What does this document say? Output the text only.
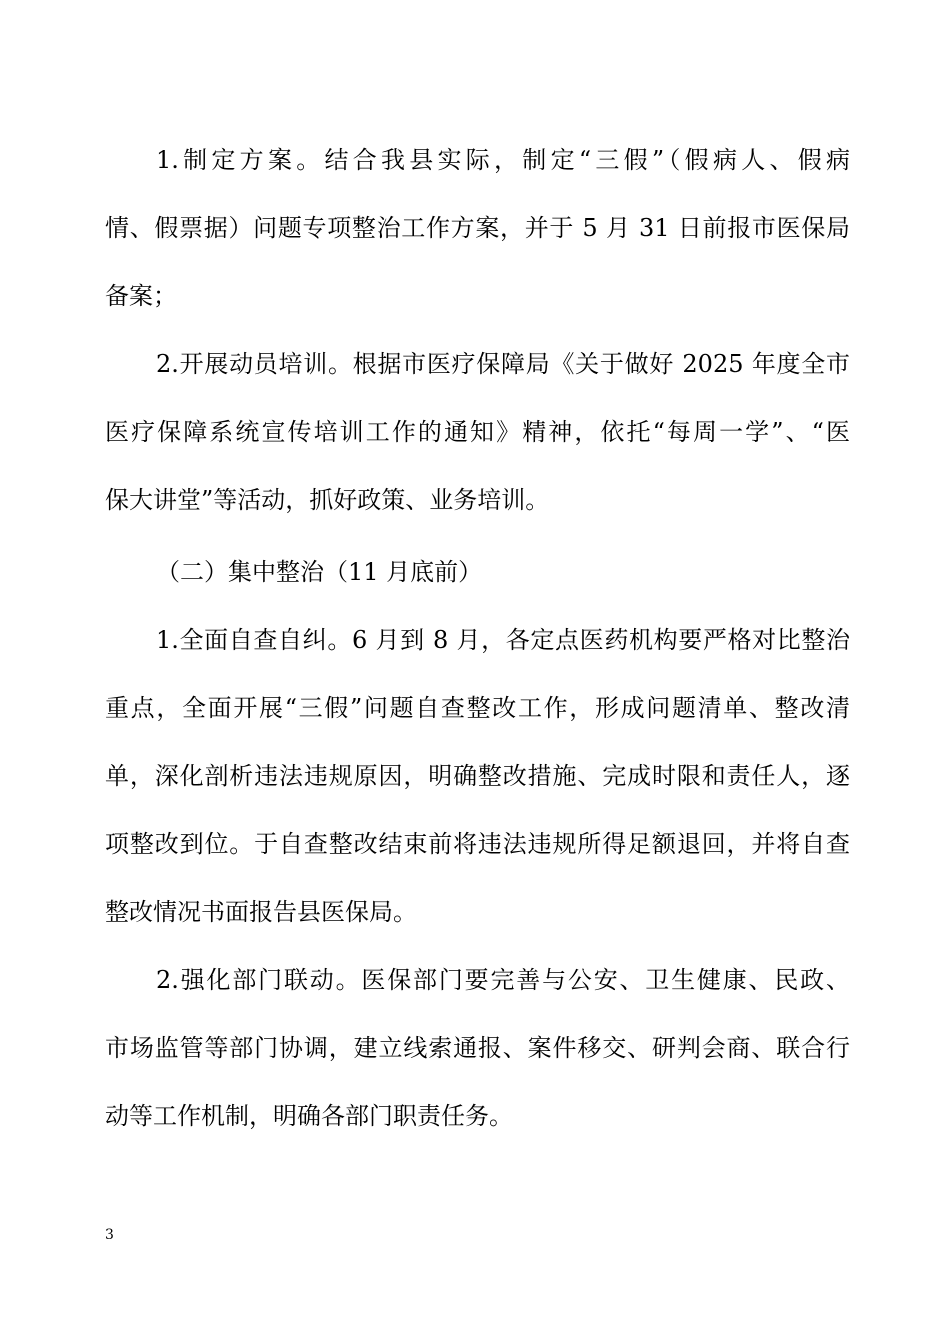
1.制定方案。结合我县实际，制定“三假”（假病人、假病
情、假票据）问题专项整治工作方案，并于 5 月 31 日前报市医保局
备案；
2.开展动员培训。根据市医疗保障局《关于做好 2025 年度全市
医疗保障系统宣传培训工作的通知》精神，依托“每周一学”、“医
保大讲堂”等活动，抓好政策、业务培训。
（二）集中整治（11 月底前）
1.全面自查自纠。6 月到 8 月，各定点医药机构要严格对比整治
重点，全面开展“三假”问题自查整改工作，形成问题清单、整改清
单，深化剖析违法违规原因，明确整改措施、完成时限和责任人，逐
项整改到位。于自查整改结束前将违法违规所得足额退回，并将自查
整改情况书面报告县医保局。
2.强化部门联动。医保部门要完善与公安、卫生健康、民政、
市场监管等部门协调，建立线索通报、案件移交、研判会商、联合行
动等工作机制，明确各部门职责任务。
3
